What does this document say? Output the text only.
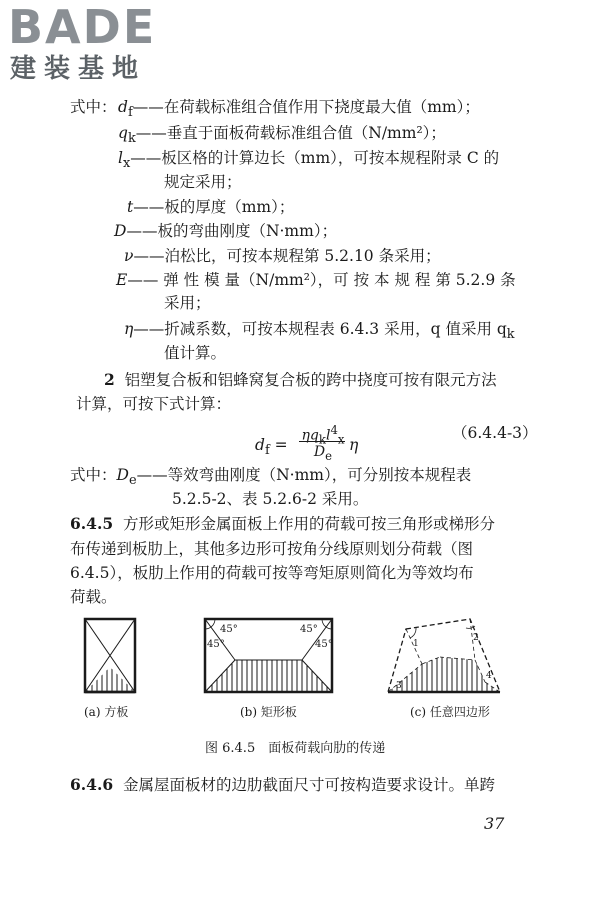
BADE
建装基地
式中： $d_f——$在荷载标准组合值作用下挠度最大值（mm）；
$q_k——$垂直于面板荷载标准组合值（N/mm²）；
$l_x——$板区格的计算边长（mm），可按本规程附录 C 的
规定采用；
t——板的厚度（mm）；
D——板的弯曲刚度（N·mm）；
ν——泊松比，可按本规程第 5.2.10 条采用；
E—— 弹 性 模 量（N/mm²），可 按 本 规 程 第 5.2.9 条
采用；
η——折减系数，可按本规程表 6.4.3 采用，q 值采用 $q_k$
值计算。
2 铝塑复合板和铝蜂窝复合板的跨中挠度可按有限元方法
计算，可按下式计算：
$d_f$ =
$\eta q_kl^4_x$
$D_e$
η
（6.4.4-3）
式中：$D_e——$等效弯曲刚度（N·mm），可分别按本规程表
5.2.5-2、表 5.2.6-2 采用。
6.4.5 方形或矩形金属面板上作用的荷载可按三角形或梯形分
布传递到板肋上，其他多边形可按角分线原则划分荷载（图
6.4.5），板肋上作用的荷载可按等弯矩原则简化为等效均布
荷载。
45°
45°
45°
45°	1
2
3
4
(a) 方板	(b) 矩形板	(c) 任意四边形
图 6.4.5　面板荷载向肋的传递
6.4.6 金属屋面板材的边肋截面尺寸可按构造要求设计。单跨
37
